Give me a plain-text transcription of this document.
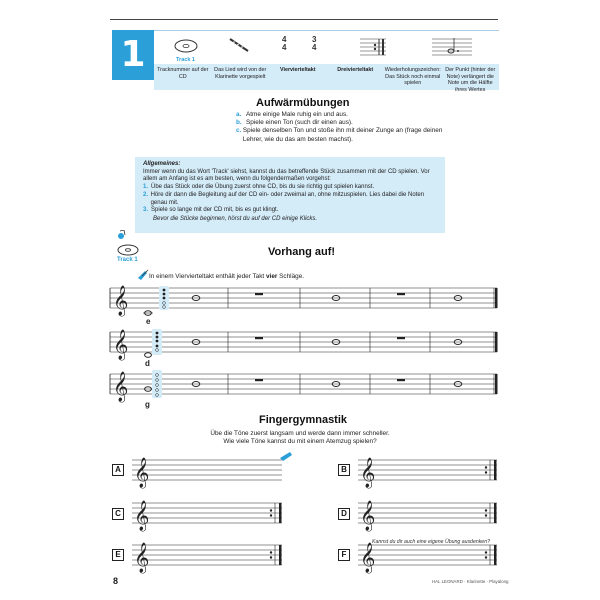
1	Track 1
4
4
3
4
Tracknummer auf der CD
Das Lied wird von der Klarinette vorgespielt
Viervierteltakt	Dreivierteltakt	Wiederholungszeichen: Das Stück noch einmal spielen
Der Punkt (hinter der Note) verlängert die Note um die Hälfte ihres Wertes
Aufwärmübungen
a. Atme einige Male ruhig ein und aus.
b. Spiele einen Ton (such dir einen aus).
c. Spiele denselben Ton und stoße ihn mit deiner Zunge an (frage deinen Lehrer, wie du das am besten machst).
Allgemeines:
Immer wenn du das Wort 'Track' siehst, kannst du das betreffende Stück zusammen mit der CD spielen. Vor allem am Anfang ist es am besten, wenn du folgendermaßen vorgehst:
1. Übe das Stück oder die Übung zuerst ohne CD, bis du sie richtig gut spielen kannst.
2. Höre dir dann die Begleitung auf der CD ein- oder zweimal an, ohne mitzuspielen. Lies dabei die Noten genau mit.
3. Spiele so lange mit der CD mit, bis es gut klingt.
Bevor die Stücke beginnen, hörst du auf der CD einige Klicks.
Track 1
Vorhang auf!
In einem Viervierteltakt enthält jeder Takt vier Schläge.
Fingergymnastik
Übe die Töne zuerst langsam und werde dann immer schneller.
Wie viele Töne kannst du mit einem Atemzug spielen?
A	B
C	D
E	F
Kannst du dir auch eine eigene Übung ausdenken?
8	HAL LEONARD · Klarinette · Playalong
𝄞
e
𝄞
d
𝄞
g
𝄞	𝄞
𝄞	𝄞
𝄞	𝄞
